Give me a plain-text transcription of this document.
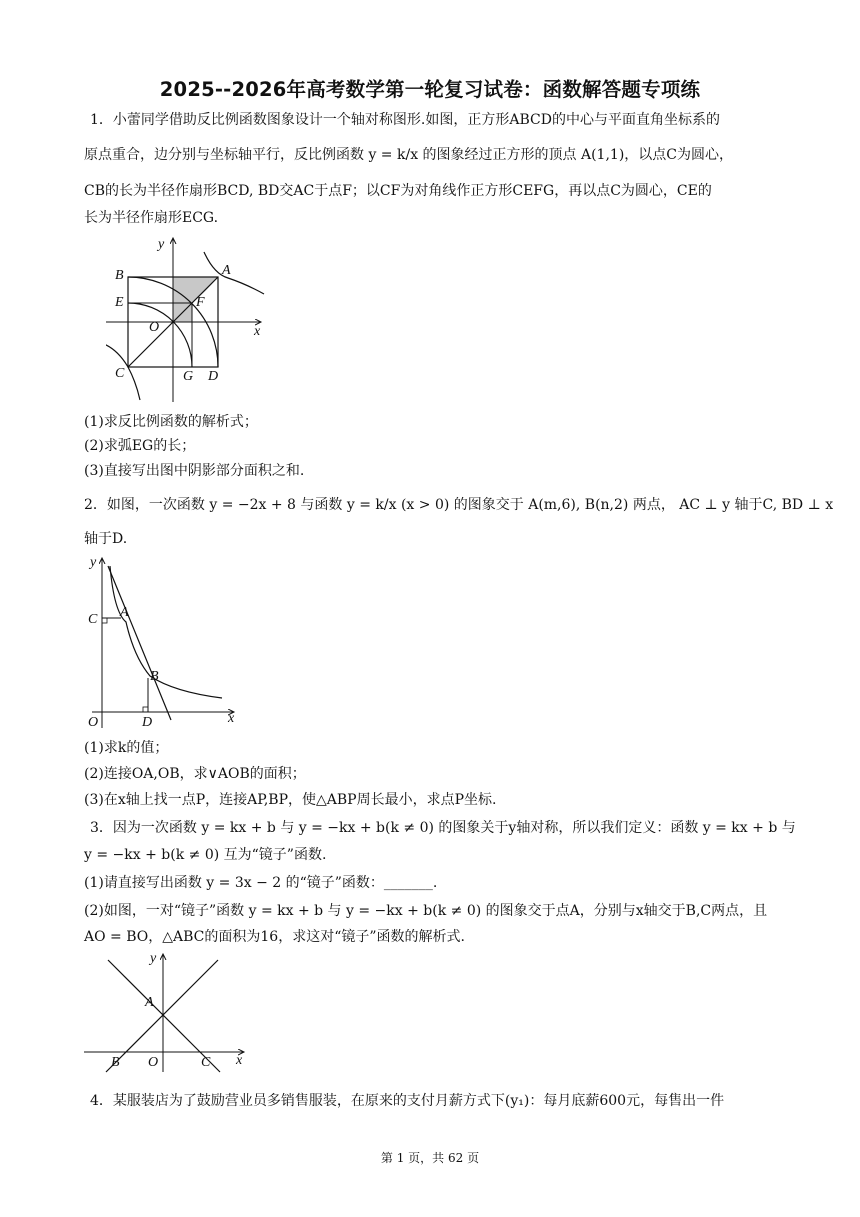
2025--2026年高考数学第一轮复习试卷：函数解答题专项练
1．小蕾同学借助反比例函数图象设计一个轴对称图形.如图，正方形ABCD的中心与平面直角坐标系的
原点重合，边分别与坐标轴平行，反比例函数 y = k/x 的图象经过正方形的顶点 A(1,1)，以点C为圆心，
CB的长为半径作扇形BCD, BD交AC于点F；以CF为对角线作正方形CEFG，再以点C为圆心，CE的
长为半径作扇形ECG.
y
x
B	A
E	F
O
C	G D
(1)求反比例函数的解析式；
(2)求弧EG的长；
(3)直接写出图中阴影部分面积之和.
2．如图，一次函数 y = −2x + 8 与函数 y = k/x (x > 0) 的图象交于 A(m,6), B(n,2) 两点， AC ⊥ y 轴于C, BD ⊥ x
轴于D.
y
x
C A
B
O	D
(1)求k的值；
(2)连接OA,OB，求∨AOB的面积；
(3)在x轴上找一点P，连接AP,BP，使△ABP周长最小，求点P坐标.
3．因为一次函数 y = kx + b 与 y = −kx + b(k ≠ 0) 的图象关于y轴对称，所以我们定义：函数 y = kx + b 与
y = −kx + b(k ≠ 0) 互为“镜子”函数.
(1)请直接写出函数 y = 3x − 2 的“镜子”函数：_______.
(2)如图，一对“镜子”函数 y = kx + b 与 y = −kx + b(k ≠ 0) 的图象交于点A，分别与x轴交于B,C两点，且
AO = BO，△ABC的面积为16，求这对“镜子”函数的解析式.
y
x
A
B O	C
4．某服装店为了鼓励营业员多销售服装，在原来的支付月薪方式下(y₁)：每月底薪600元，每售出一件
第 1 页，共 62 页
